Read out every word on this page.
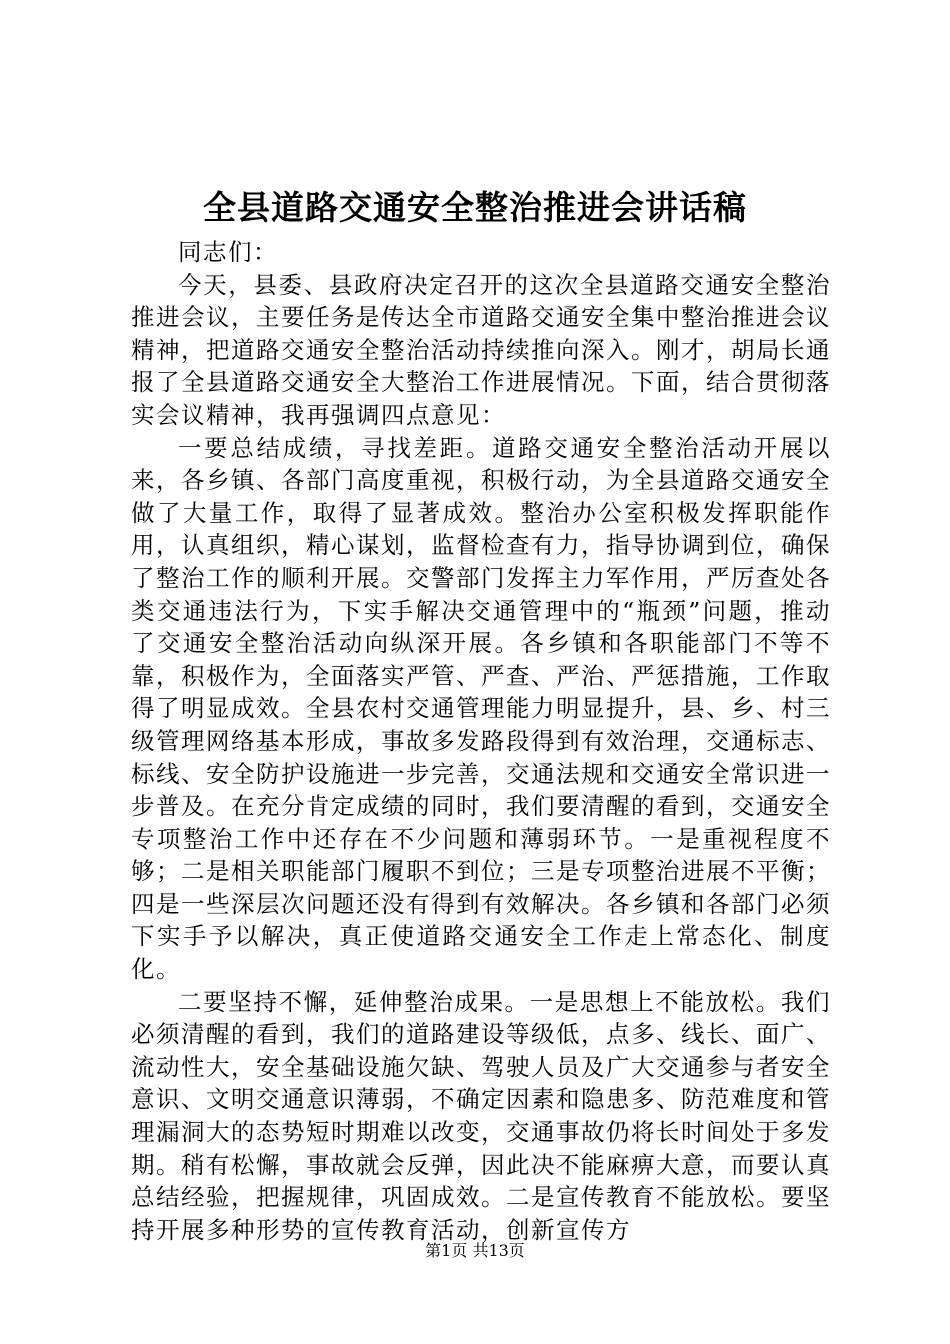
全县道路交通安全整治推进会讲话稿

同志们：

今天，县委、县政府决定召开的这次全县道路交通安全整治推进会议，主要任务是传达全市道路交通安全集中整治推进会议精神，把道路交通安全整治活动持续推向深入。刚才，胡局长通报了全县道路交通安全大整治工作进展情况。下面，结合贯彻落实会议精神，我再强调四点意见：

一要总结成绩，寻找差距。道路交通安全整治活动开展以来，各乡镇、各部门高度重视，积极行动，为全县道路交通安全做了大量工作，取得了显著成效。整治办公室积极发挥职能作用，认真组织，精心谋划，监督检查有力，指导协调到位，确保了整治工作的顺利开展。交警部门发挥主力军作用，严厉查处各类交通违法行为，下实手解决交通管理中的“瓶颈”问题，推动了交通安全整治活动向纵深开展。各乡镇和各职能部门不等不靠，积极作为，全面落实严管、严查、严治、严惩措施，工作取得了明显成效。全县农村交通管理能力明显提升，县、乡、村三级管理网络基本形成，事故多发路段得到有效治理，交通标志、标线、安全防护设施进一步完善，交通法规和交通安全常识进一步普及。在充分肯定成绩的同时，我们要清醒的看到，交通安全专项整治工作中还存在不少问题和薄弱环节。一是重视程度不够；二是相关职能部门履职不到位；三是专项整治进展不平衡；四是一些深层次问题还没有得到有效解决。各乡镇和各部门必须下实手予以解决，真正使道路交通安全工作走上常态化、制度化。

二要坚持不懈，延伸整治成果。一是思想上不能放松。我们必须清醒的看到，我们的道路建设等级低，点多、线长、面广、流动性大，安全基础设施欠缺、驾驶人员及广大交通参与者安全意识、文明交通意识薄弱，不确定因素和隐患多、防范难度和管理漏洞大的态势短时期难以改变，交通事故仍将长时间处于多发期。稍有松懈，事故就会反弹，因此决不能麻痹大意，而要认真总结经验，把握规律，巩固成效。二是宣传教育不能放松。要坚持开展多种形势的宣传教育活动，创新宣传方

第1页 共13页
